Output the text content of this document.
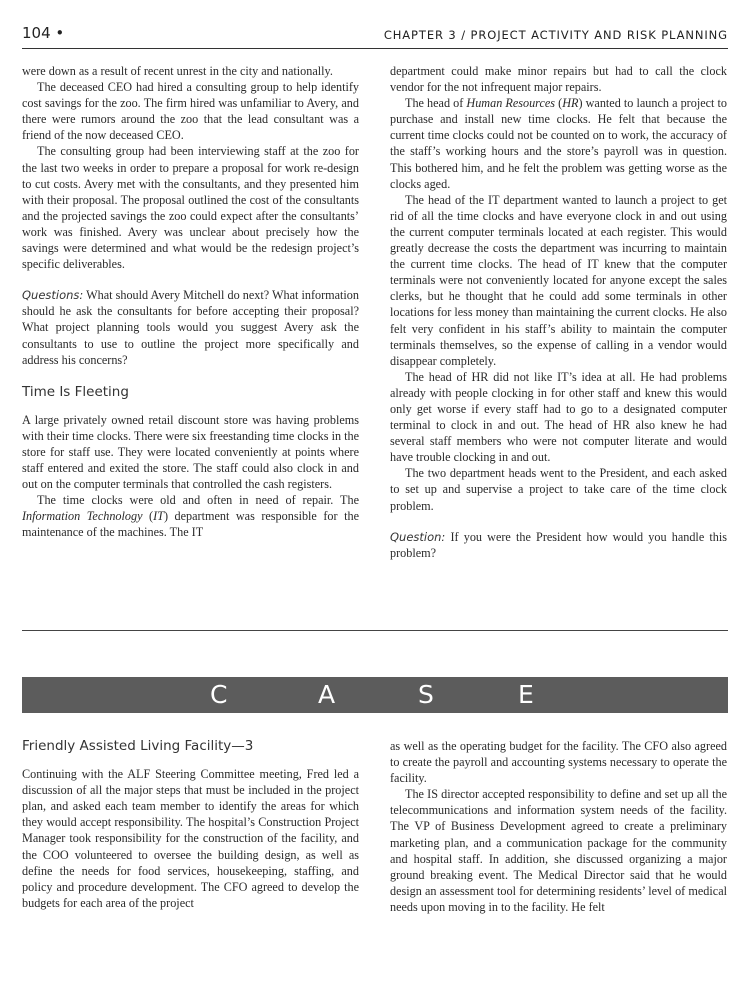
104 •	CHAPTER 3 / PROJECT ACTIVITY AND RISK PLANNING

were down as a result of recent unrest in the city and nationally.

The deceased CEO had hired a consulting group to help identify cost savings for the zoo. The firm hired was unfamiliar to Avery, and there were rumors around the zoo that the lead consultant was a friend of the now deceased CEO.

The consulting group had been interviewing staff at the zoo for the last two weeks in order to prepare a proposal for work re-design to cut costs. Avery met with the consultants, and they presented him with their proposal. The proposal outlined the cost of the consultants and the projected savings the zoo could expect after the consultants’ work was finished. Avery was unclear about precisely how the savings were determined and what would be the redesign project’s specific deliverables.

Questions: What should Avery Mitchell do next? What information should he ask the consultants for before accepting their proposal? What project planning tools would you suggest Avery ask the consultants to use to outline the project more specifically and address his concerns?

Time Is Fleeting

A large privately owned retail discount store was having problems with their time clocks. There were six freestanding time clocks in the store for staff use. They were located conveniently at points where staff entered and exited the store. The staff could also clock in and out on the computer terminals that controlled the cash registers.

The time clocks were old and often in need of repair. The Information Technology (IT) department was responsible for the maintenance of the machines. The IT

department could make minor repairs but had to call the clock vendor for the not infrequent major repairs.

The head of Human Resources (HR) wanted to launch a project to purchase and install new time clocks. He felt that because the current time clocks could not be counted on to work, the accuracy of the staff’s working hours and the store’s payroll was in question. This bothered him, and he felt the problem was getting worse as the clocks aged.

The head of the IT department wanted to launch a project to get rid of all the time clocks and have everyone clock in and out using the current computer terminals located at each register. This would greatly decrease the costs the department was incurring to maintain the current time clocks. The head of IT knew that the computer terminals were not conveniently located for anyone except the sales clerks, but he thought that he could add some terminals in other locations for less money than maintaining the current clocks. He also felt very confident in his staff’s ability to maintain the computer terminals themselves, so the expense of calling in a vendor would disappear completely.

The head of HR did not like IT’s idea at all. He had problems already with people clocking in for other staff and knew this would only get worse if every staff had to go to a designated computer terminal to clock in and out. The head of HR also knew he had several staff members who were not computer literate and would have trouble clocking in and out.

The two department heads went to the President, and each asked to set up and supervise a project to take care of the time clock problem.

Question: If you were the President how would you handle this problem?

C	A	S	E
Friendly Assisted Living Facility—3

Continuing with the ALF Steering Committee meeting, Fred led a discussion of all the major steps that must be included in the project plan, and asked each team member to identify the areas for which they would accept responsibility. The hospital’s Construction Project Manager took responsibility for the construction of the facility, and the COO volunteered to oversee the building design, as well as define the needs for food services, housekeeping, staffing, and policy and procedure development. The CFO agreed to develop the budgets for each area of the project

as well as the operating budget for the facility. The CFO also agreed to create the payroll and accounting systems necessary to operate the facility.

The IS director accepted responsibility to define and set up all the telecommunications and information system needs of the facility. The VP of Business Development agreed to create a preliminary marketing plan, and a communication package for the community and hospital staff. In addition, she discussed organizing a major ground breaking event. The Medical Director said that he would design an assessment tool for determining residents’ level of medical needs upon moving in to the facility. He felt
